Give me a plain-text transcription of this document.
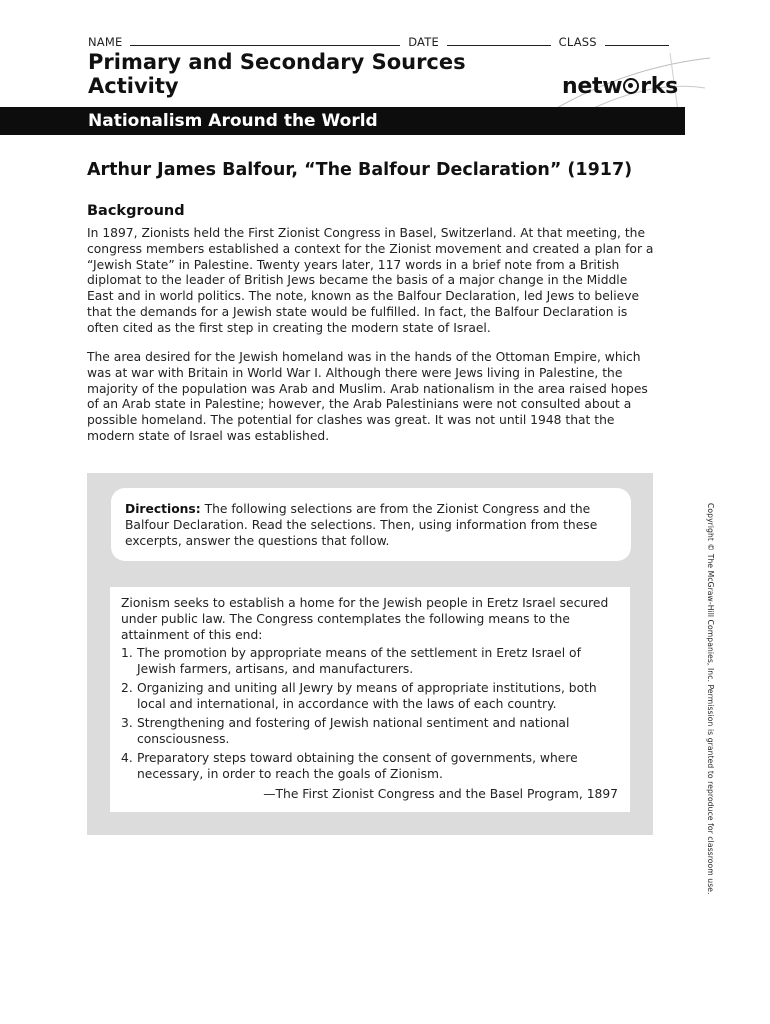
NAME	DATE	CLASS
Primary and Secondary Sources
Activity	netw rks
Nationalism Around the World
Arthur James Balfour, “The Balfour Declaration” (1917)
Background
In 1897, Zionists held the First Zionist Congress in Basel, Switzerland. At that meeting, the congress members established a context for the Zionist movement and created a plan for a “Jewish State” in Palestine. Twenty years later, 117 words in a brief note from a British diplomat to the leader of British Jews became the basis of a major change in the Middle East and in world politics. The note, known as the Balfour Declaration, led Jews to believe that the demands for a Jewish state would be fulfilled. In fact, the Balfour Declaration is often cited as the first step in creating the modern state of Israel.
The area desired for the Jewish homeland was in the hands of the Ottoman Empire, which was at war with Britain in World War I. Although there were Jews living in Palestine, the majority of the population was Arab and Muslim. Arab nationalism in the area raised hopes of an Arab state in Palestine; however, the Arab Palestinians were not consulted about a possible homeland. The potential for clashes was great. It was not until 1948 that the modern state of Israel was established.

Directions: The following selections are from the Zionist Congress and the Balfour Declaration. Read the selections. Then, using information from these excerpts, answer the questions that follow.

Zionism seeks to establish a home for the Jewish people in Eretz Israel secured under public law. The Congress contemplates the following means to the attainment of this end:
1. The promotion by appropriate means of the settlement in Eretz Israel of Jewish farmers, artisans, and manufacturers.
2. Organizing and uniting all Jewry by means of appropriate institutions, both local and international, in accordance with the laws of each country.
3. Strengthening and fostering of Jewish national sentiment and national consciousness.
4. Preparatory steps toward obtaining the consent of governments, where necessary, in order to reach the goals of Zionism.
—The First Zionist Congress and the Basel Program, 1897	Copyright © The McGraw-Hill Companies, Inc. Permission is granted to reproduce for classroom use.
